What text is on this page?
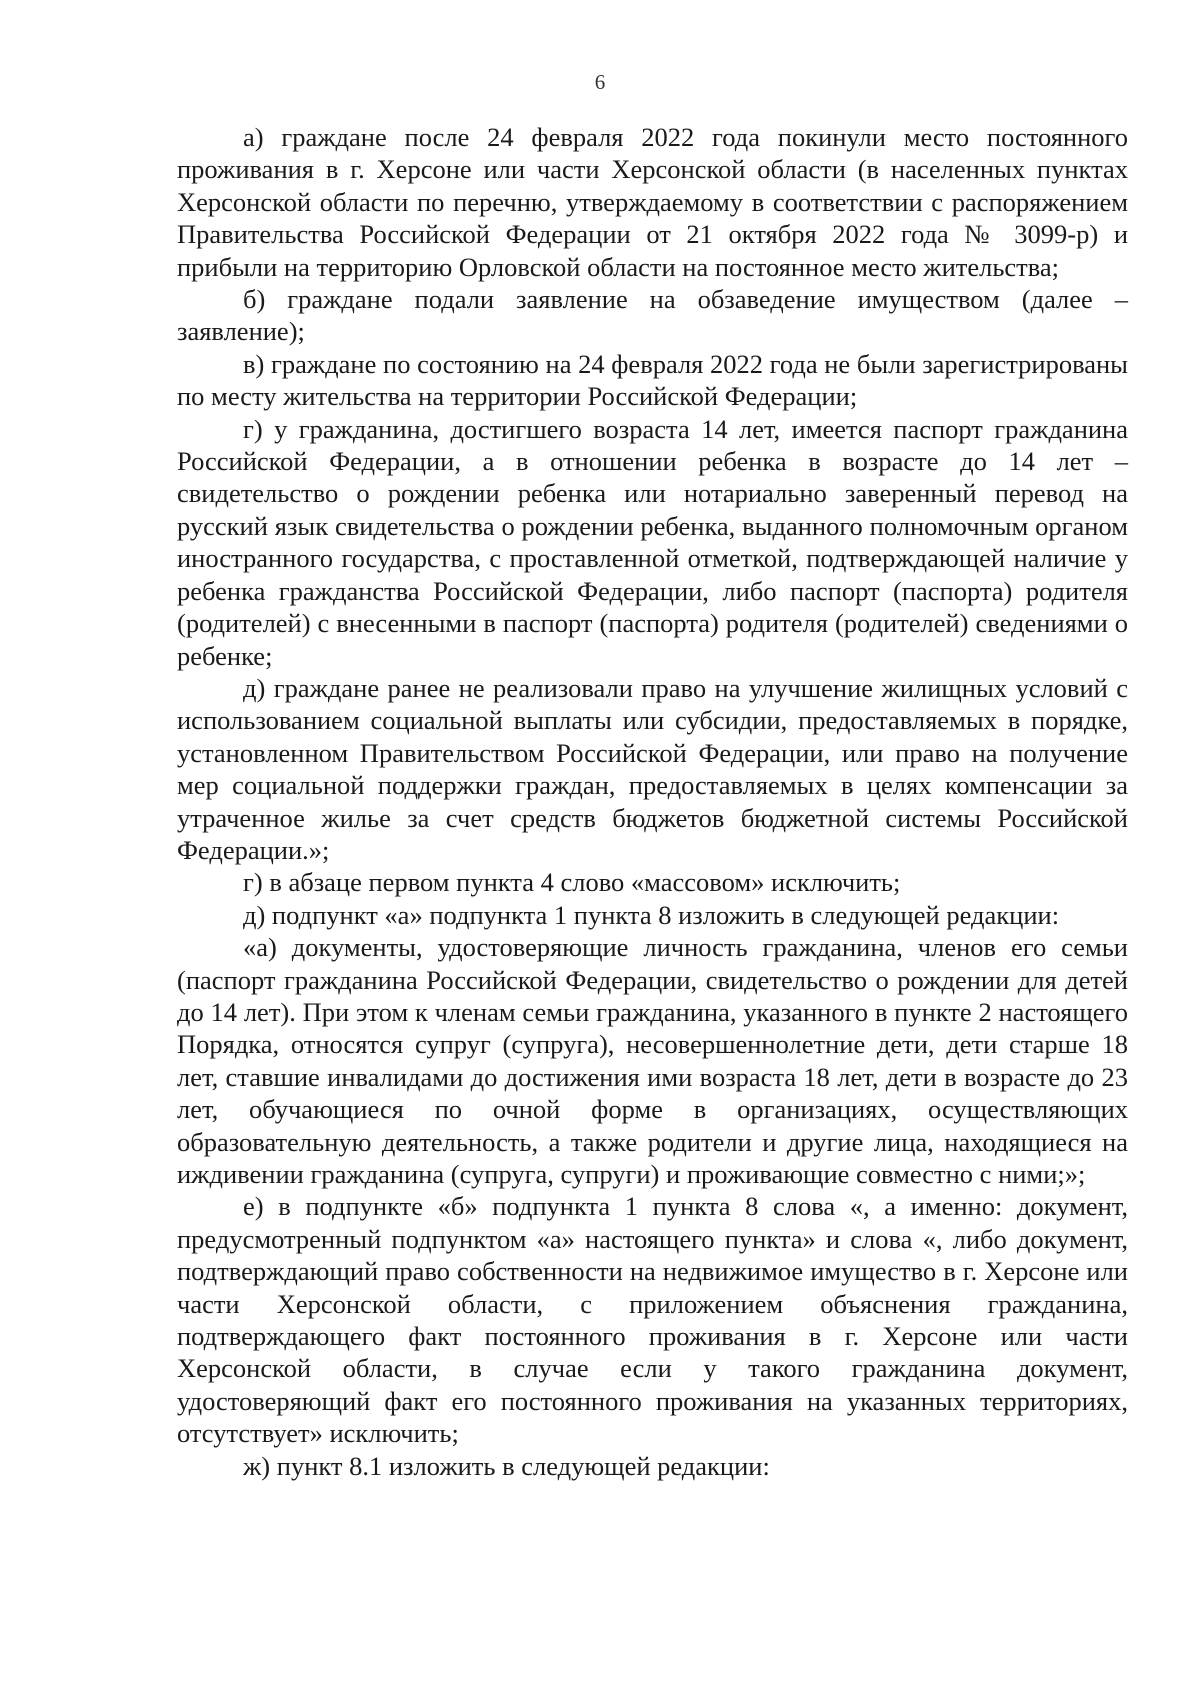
6

а) граждане после 24 февраля 2022 года покинули место постоянного проживания в г. Херсоне или части Херсонской области (в населенных пунктах Херсонской области по перечню, утверждаемому в соответствии с распоряжением Правительства Российской Федерации от 21 октября 2022 года № 3099-р) и прибыли на территорию Орловской области на постоянное место жительства;

б) граждане подали заявление на обзаведение имуществом (далее – заявление);

в) граждане по состоянию на 24 февраля 2022 года не были зарегистрированы по месту жительства на территории Российской Федерации;

г) у гражданина, достигшего возраста 14 лет, имеется паспорт гражданина Российской Федерации, а в отношении ребенка в возрасте до 14 лет – свидетельство о рождении ребенка или нотариально заверенный перевод на русский язык свидетельства о рождении ребенка, выданного полномочным органом иностранного государства, с проставленной отметкой, подтверждающей наличие у ребенка гражданства Российской Федерации, либо паспорт (паспорта) родителя (родителей) с внесенными в паспорт (паспорта) родителя (родителей) сведениями о ребенке;

д) граждане ранее не реализовали право на улучшение жилищных условий с использованием социальной выплаты или субсидии, предоставляемых в порядке, установленном Правительством Российской Федерации, или право на получение мер социальной поддержки граждан, предоставляемых в целях компенсации за утраченное жилье за счет средств бюджетов бюджетной системы Российской Федерации.»;

г) в абзаце первом пункта 4 слово «массовом» исключить;

д) подпункт «а» подпункта 1 пункта 8 изложить в следующей редакции:

«а) документы, удостоверяющие личность гражданина, членов его семьи (паспорт гражданина Российской Федерации, свидетельство о рождении для детей до 14 лет). При этом к членам семьи гражданина, указанного в пункте 2 настоящего Порядка, относятся супруг (супруга), несовершеннолетние дети, дети старше 18 лет, ставшие инвалидами до достижения ими возраста 18 лет, дети в возрасте до 23 лет, обучающиеся по очной форме в организациях, осуществляющих образовательную деятельность, а также родители и другие лица, находящиеся на иждивении гражданина (супруга, супруги) и проживающие совместно с ними;»;

е) в подпункте «б» подпункта 1 пункта 8 слова «, а именно: документ, предусмотренный подпунктом «а» настоящего пункта» и слова «, либо документ, подтверждающий право собственности на недвижимое имущество в г. Херсоне или части Херсонской области, с приложением объяснения гражданина, подтверждающего факт постоянного проживания в г. Херсоне или части Херсонской области, в случае если у такого гражданина документ, удостоверяющий факт его постоянного проживания на указанных территориях, отсутствует» исключить;

ж) пункт 8.1 изложить в следующей редакции:
